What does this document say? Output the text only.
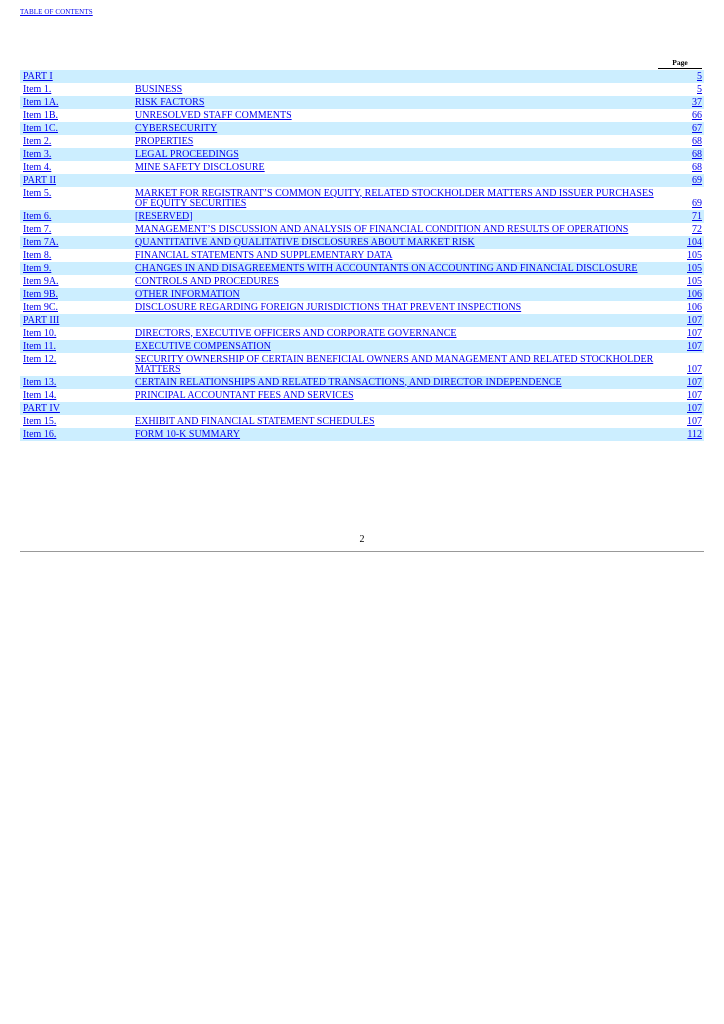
TABLE OF CONTENTS
Page
PART I		5
Item 1.	BUSINESS	5
Item 1A.	RISK FACTORS	37
Item 1B.	UNRESOLVED STAFF COMMENTS	66
Item 1C.	CYBERSECURITY	67
Item 2.	PROPERTIES	68
Item 3.	LEGAL PROCEEDINGS	68
Item 4.	MINE SAFETY DISCLOSURE	68
PART II		69
Item 5.	MARKET FOR REGISTRANT’S COMMON EQUITY, RELATED STOCKHOLDER MATTERS AND ISSUER PURCHASES OF EQUITY SECURITIES	69
Item 6.	[RESERVED]	71
Item 7.	MANAGEMENT’S DISCUSSION AND ANALYSIS OF FINANCIAL CONDITION AND RESULTS OF OPERATIONS	72
Item 7A.	QUANTITATIVE AND QUALITATIVE DISCLOSURES ABOUT MARKET RISK	104
Item 8.	FINANCIAL STATEMENTS AND SUPPLEMENTARY DATA	105
Item 9.	CHANGES IN AND DISAGREEMENTS WITH ACCOUNTANTS ON ACCOUNTING AND FINANCIAL DISCLOSURE	105
Item 9A.	CONTROLS AND PROCEDURES	105
Item 9B.	OTHER INFORMATION	106
Item 9C.	DISCLOSURE REGARDING FOREIGN JURISDICTIONS THAT PREVENT INSPECTIONS	106
PART III		107
Item 10.	DIRECTORS, EXECUTIVE OFFICERS AND CORPORATE GOVERNANCE	107
Item 11.	EXECUTIVE COMPENSATION	107
Item 12.	SECURITY OWNERSHIP OF CERTAIN BENEFICIAL OWNERS AND MANAGEMENT AND RELATED STOCKHOLDER MATTERS	107
Item 13.	CERTAIN RELATIONSHIPS AND RELATED TRANSACTIONS, AND DIRECTOR INDEPENDENCE	107
Item 14.	PRINCIPAL ACCOUNTANT FEES AND SERVICES	107
PART IV		107
Item 15.	EXHIBIT AND FINANCIAL STATEMENT SCHEDULES	107
Item 16.	FORM 10-K SUMMARY	112
2
